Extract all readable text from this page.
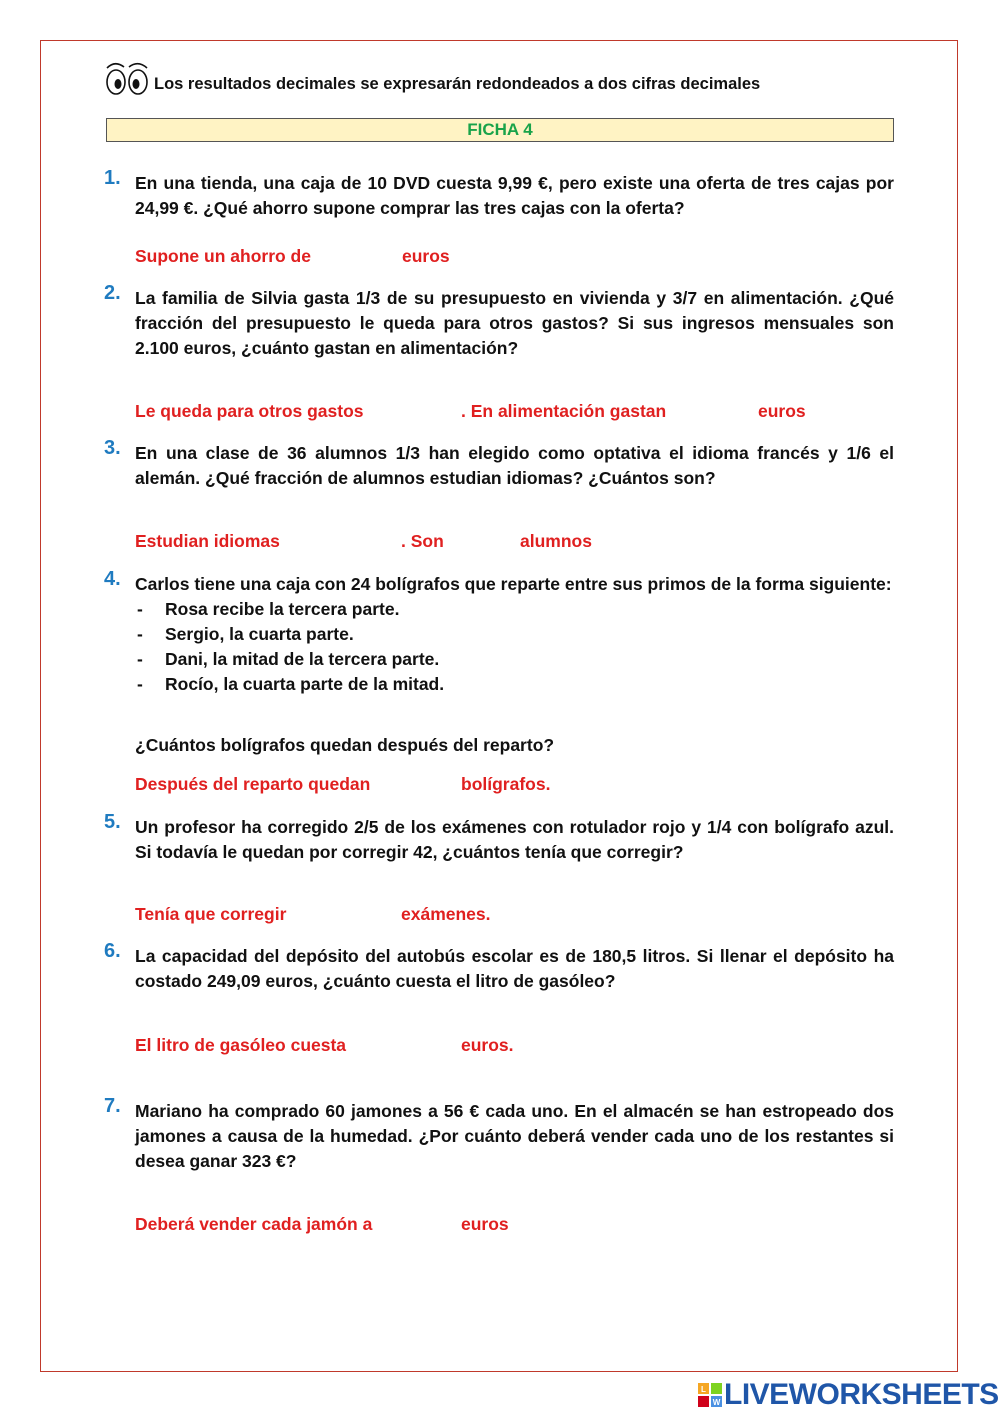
Los resultados decimales se expresarán redondeados a dos cifras decimales
FICHA 4
1. En una tienda, una caja de 10 DVD cuesta 9,99 €, pero existe una oferta de tres cajas por 24,99 €. ¿Qué ahorro supone comprar las tres cajas con la oferta?
Supone un ahorro de	euros
2. La familia de Silvia gasta 1/3 de su presupuesto en vivienda y 3/7 en alimentación. ¿Qué fracción del presupuesto le queda para otros gastos? Si sus ingresos mensuales son 2.100 euros, ¿cuánto gastan en alimentación?
Le queda para otros gastos	. En alimentación gastan	euros
3. En una clase de 36 alumnos 1/3 han elegido como optativa el idioma francés y 1/6 el alemán. ¿Qué fracción de alumnos estudian idiomas? ¿Cuántos son?
Estudian idiomas	. Son	alumnos
4. Carlos tiene una caja con 24 bolígrafos que reparte entre sus primos de la forma siguiente:
- Rosa recibe la tercera parte.
- Sergio, la cuarta parte.
- Dani, la mitad de la tercera parte.
- Rocío, la cuarta parte de la mitad.
¿Cuántos bolígrafos quedan después del reparto?
Después del reparto quedan	bolígrafos.
5. Un profesor ha corregido 2/5 de los exámenes con rotulador rojo y 1/4 con bolígrafo azul. Si todavía le quedan por corregir 42, ¿cuántos tenía que corregir?
Tenía que corregir	exámenes.
6. La capacidad del depósito del autobús escolar es de 180,5 litros. Si llenar el depósito ha costado 249,09 euros, ¿cuánto cuesta el litro de gasóleo?
El litro de gasóleo cuesta	euros.
7. Mariano ha comprado 60 jamones a 56 € cada uno. En el almacén se han estropeado dos jamones a causa de la humedad. ¿Por cuánto deberá vender cada uno de los restantes si desea ganar 323 €?
Deberá vender cada jamón a	euros
L
W LIVEWORKSHEETS
